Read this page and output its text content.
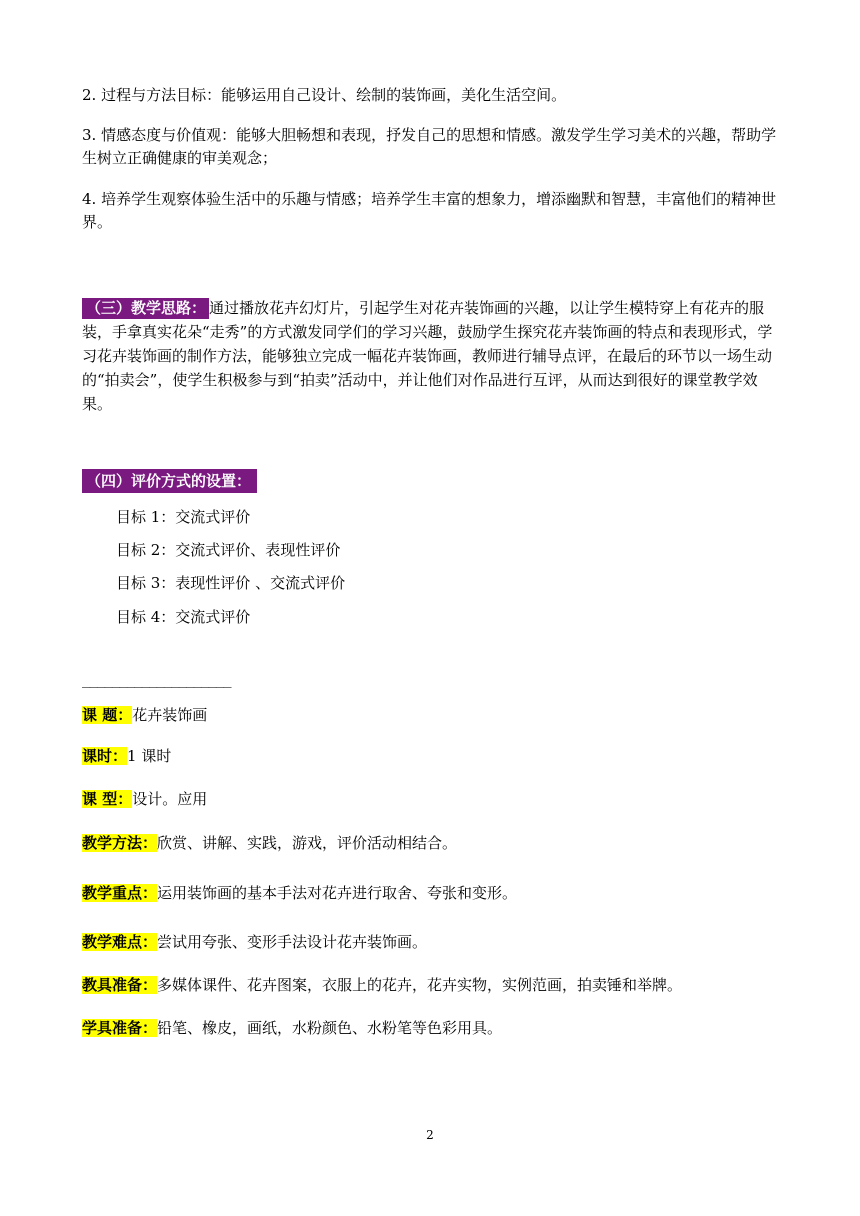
2. 过程与方法目标：能够运用自己设计、绘制的装饰画，美化生活空间。

3. 情感态度与价值观：能够大胆畅想和表现，抒发自己的思想和情感。激发学生学习美术的兴趣，帮助学生树立正确健康的审美观念；

4. 培养学生观察体验生活中的乐趣与情感；培养学生丰富的想象力，增添幽默和智慧，丰富他们的精神世界。

（三）教学思路： 通过播放花卉幻灯片，引起学生对花卉装饰画的兴趣，以让学生模特穿上有花卉的服装，手拿真实花朵“走秀”的方式激发同学们的学习兴趣，鼓励学生探究花卉装饰画的特点和表现形式，学习花卉装饰画的制作方法，能够独立完成一幅花卉装饰画，教师进行辅导点评，在最后的环节以一场生动的“拍卖会”，使学生积极参与到“拍卖”活动中，并让他们对作品进行互评，从而达到很好的课堂教学效果。

（四）评价方式的设置：

目标 1：交流式评价

目标 2：交流式评价、表现性评价

目标 3：表现性评价 、交流式评价

目标 4：交流式评价

____________________

课 题：花卉装饰画

课时：1 课时

课 型：设计。应用

教学方法：欣赏、讲解、实践，游戏，评价活动相结合。

教学重点：运用装饰画的基本手法对花卉进行取舍、夸张和变形。

教学难点：尝试用夸张、变形手法设计花卉装饰画。

教具准备：多媒体课件、花卉图案，衣服上的花卉，花卉实物，实例范画，拍卖锤和举牌。

学具准备：铅笔、橡皮，画纸，水粉颜色、水粉笔等色彩用具。

2
